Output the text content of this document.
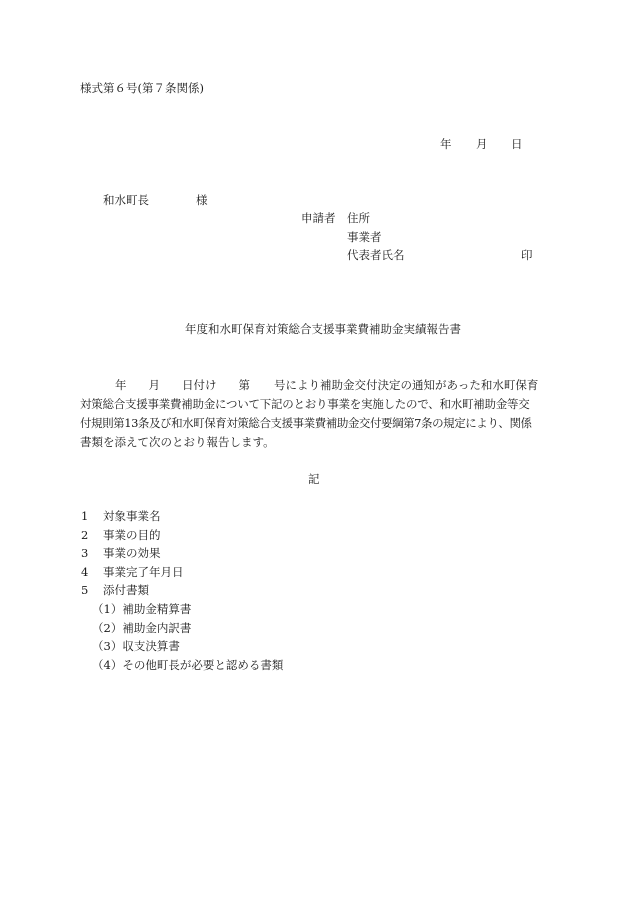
様式第６号(第７条関係)
年 月 日
和水町長	様
申請者 住所
事業者
代表者氏名	印
年度和水町保育対策総合支援事業費補助金実績報告書
年 月 日付け 第 号により補助金交付決定の通知があった和水町保育
対策総合支援事業費補助金について下記のとおり事業を実施したので、和水町補助金等交
付規則第13条及び和水町保育対策総合支援事業費補助金交付要綱第7条の規定により、関係
書類を添えて次のとおり報告します。
記
1 対象事業名
2 事業の目的
3 事業の効果
4 事業完了年月日
5 添付書類
（1）補助金精算書
（2）補助金内訳書
（3）収支決算書
（4）その他町長が必要と認める書類
